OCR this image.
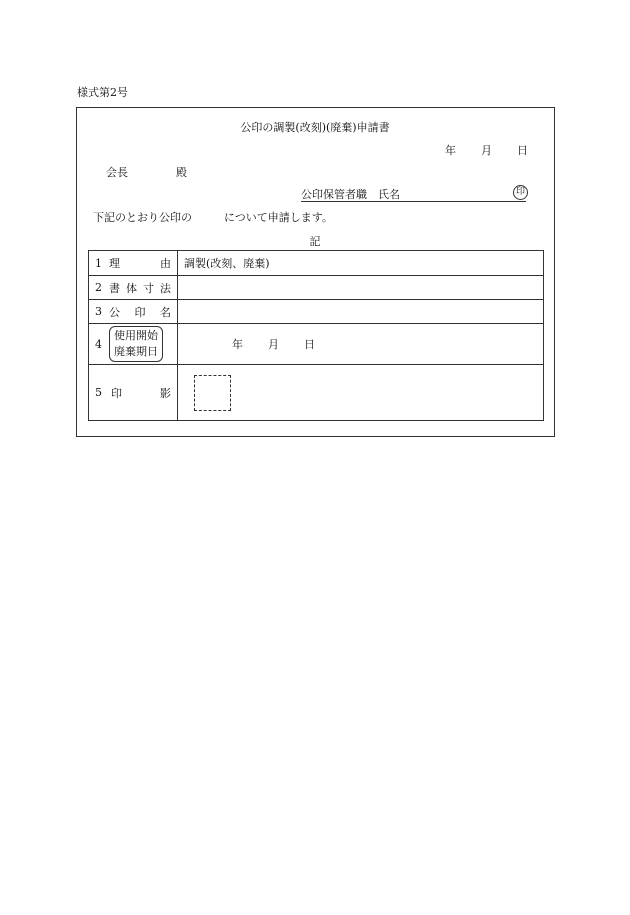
様式第2号
公印の調製(改刻)(廃棄)申請書
年	月	日
会長	殿
公印保管者職　氏名	印
下記のとおり公印の	について申請します。
記
1 理 由	調製(改刻、廃棄)

2 書 体 寸 法	

3 公 印 名	

4
使用開始
廃棄期日	年 月 日

5 印 影	
